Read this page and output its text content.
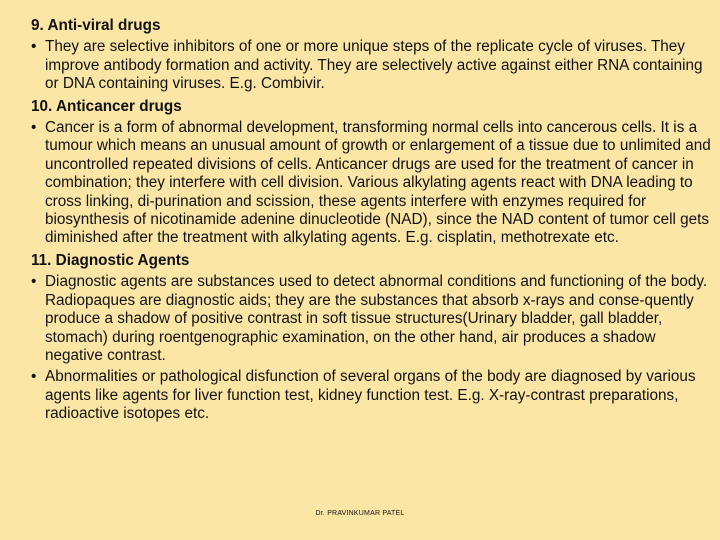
9. Anti-viral drugs

• They are selective inhibitors of one or more unique steps of the replicate cycle of viruses. They improve antibody formation and activity. They are selectively active against either RNA containing or DNA containing viruses. E.g. Combivir.

10. Anticancer drugs

• Cancer is a form of abnormal development, transforming normal cells into cancerous cells. It is a tumour which means an unusual amount of growth or enlargement of a tissue due to unlimited and uncontrolled repeated divisions of cells. Anticancer drugs are used for the treatment of cancer in combination; they interfere with cell division. Various alkylating agents react with DNA leading to cross linking, di-purination and scission, these agents interfere with enzymes required for biosynthesis of nicotinamide adenine dinucleotide (NAD), since the NAD content of tumor cell gets diminished after the treatment with alkylating agents. E.g. cisplatin, methotrexate etc.

11. Diagnostic Agents

• Diagnostic agents are substances used to detect abnormal conditions and functioning of the body. Radiopaques are diagnostic aids; they are the substances that absorb x-rays and conse-quently produce a shadow of positive contrast in soft tissue structures(Urinary bladder, gall bladder, stomach) during roentgenographic examination, on the other hand, air produces a shadow negative contrast.

• Abnormalities or pathological disfunction of several organs of the body are diagnosed by various agents like agents for liver function test, kidney function test. E.g. X-ray-contrast preparations, radioactive isotopes etc.

Dr. PRAVINKUMAR PATEL
